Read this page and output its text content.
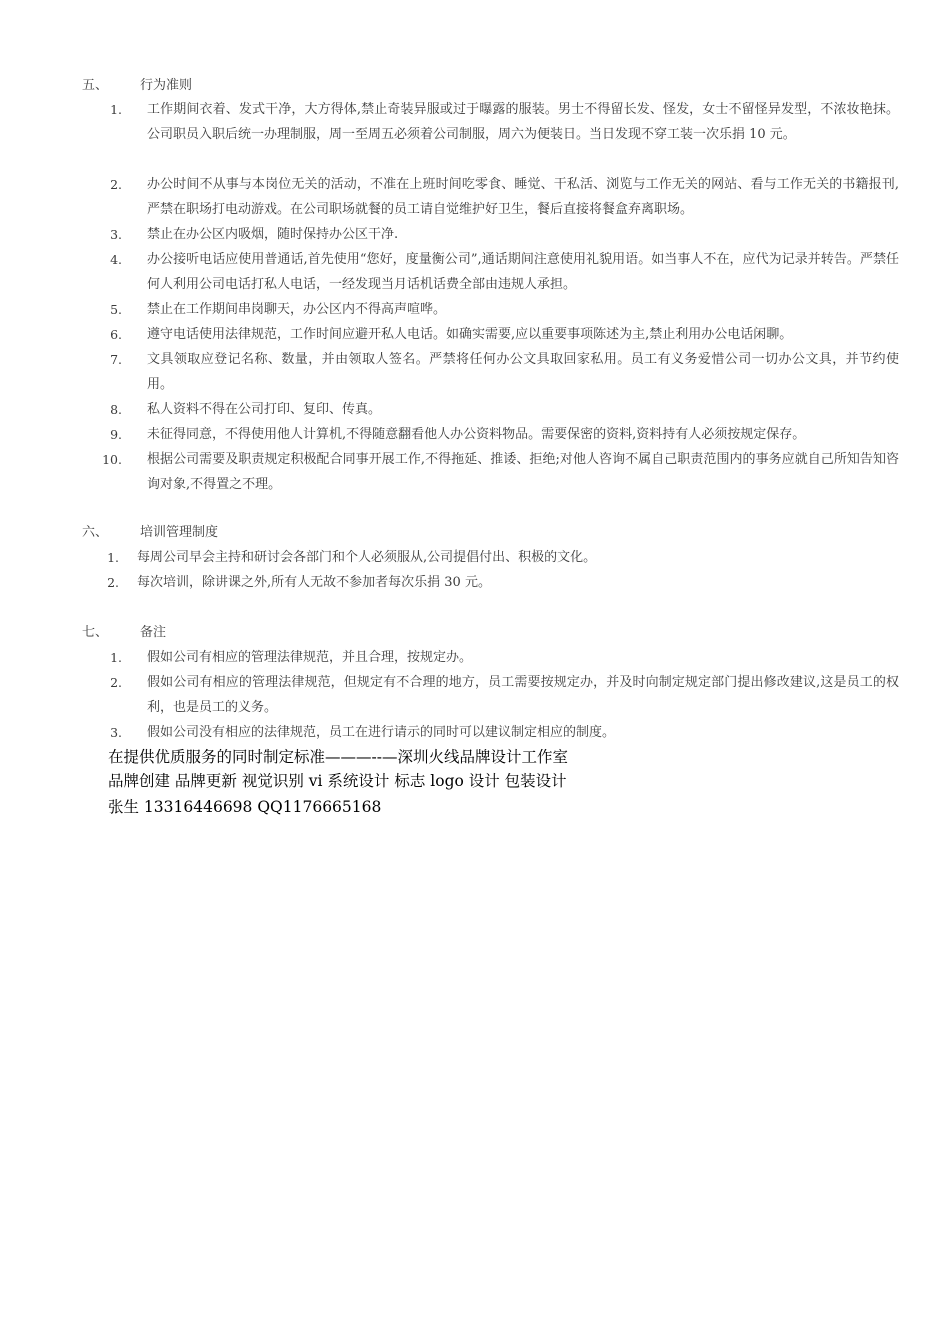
五、 行为准则
1. 工作期间衣着、发式干净，大方得体,禁止奇装异服或过于曝露的服装。男士不得留长发、怪发，女士不留怪异发型，不浓妆艳抹。公司职员入职后统一办理制服，周一至周五必须着公司制服，周六为便装日。当日发现不穿工装一次乐捐 10 元。
2. 办公时间不从事与本岗位无关的活动，不准在上班时间吃零食、睡觉、干私活、浏览与工作无关的网站、看与工作无关的书籍报刊,严禁在职场打电动游戏。在公司职场就餐的员工请自觉维护好卫生，餐后直接将餐盒弃离职场。
3. 禁止在办公区内吸烟，随时保持办公区干净.
4. 办公接听电话应使用普通话,首先使用“您好，度量衡公司”,通话期间注意使用礼貌用语。如当事人不在，应代为记录并转告。严禁任何人利用公司电话打私人电话，一经发现当月话机话费全部由违规人承担。
5. 禁止在工作期间串岗聊天，办公区内不得高声喧哗。
6. 遵守电话使用法律规范，工作时间应避开私人电话。如确实需要,应以重要事项陈述为主,禁止利用办公电话闲聊。
7. 文具领取应登记名称、数量，并由领取人签名。严禁将任何办公文具取回家私用。员工有义务爱惜公司一切办公文具，并节约使用。
8. 私人资料不得在公司打印、复印、传真。
9. 未征得同意，不得使用他人计算机,不得随意翻看他人办公资料物品。需要保密的资料,资料持有人必须按规定保存。
10. 根据公司需要及职责规定积极配合同事开展工作,不得拖延、推诿、拒绝;对他人咨询不属自己职责范围内的事务应就自己所知告知咨询对象,不得置之不理。
六、 培训管理制度
1. 每周公司早会主持和研讨会各部门和个人必须服从,公司提倡付出、积极的文化。
2. 每次培训，除讲课之外,所有人无故不参加者每次乐捐 30 元。
七、 备注
1. 假如公司有相应的管理法律规范，并且合理，按规定办。
2. 假如公司有相应的管理法律规范，但规定有不合理的地方，员工需要按规定办，并及时向制定规定部门提出修改建议,这是员工的权利，也是员工的义务。
3. 假如公司没有相应的法律规范，员工在进行请示的同时可以建议制定相应的制度。
在提供优质服务的同时制定标准———--—深圳火线品牌设计工作室
品牌创建 品牌更新 视觉识别 vi 系统设计 标志 logo 设计 包装设计
张生 13316446698 QQ1176665168
